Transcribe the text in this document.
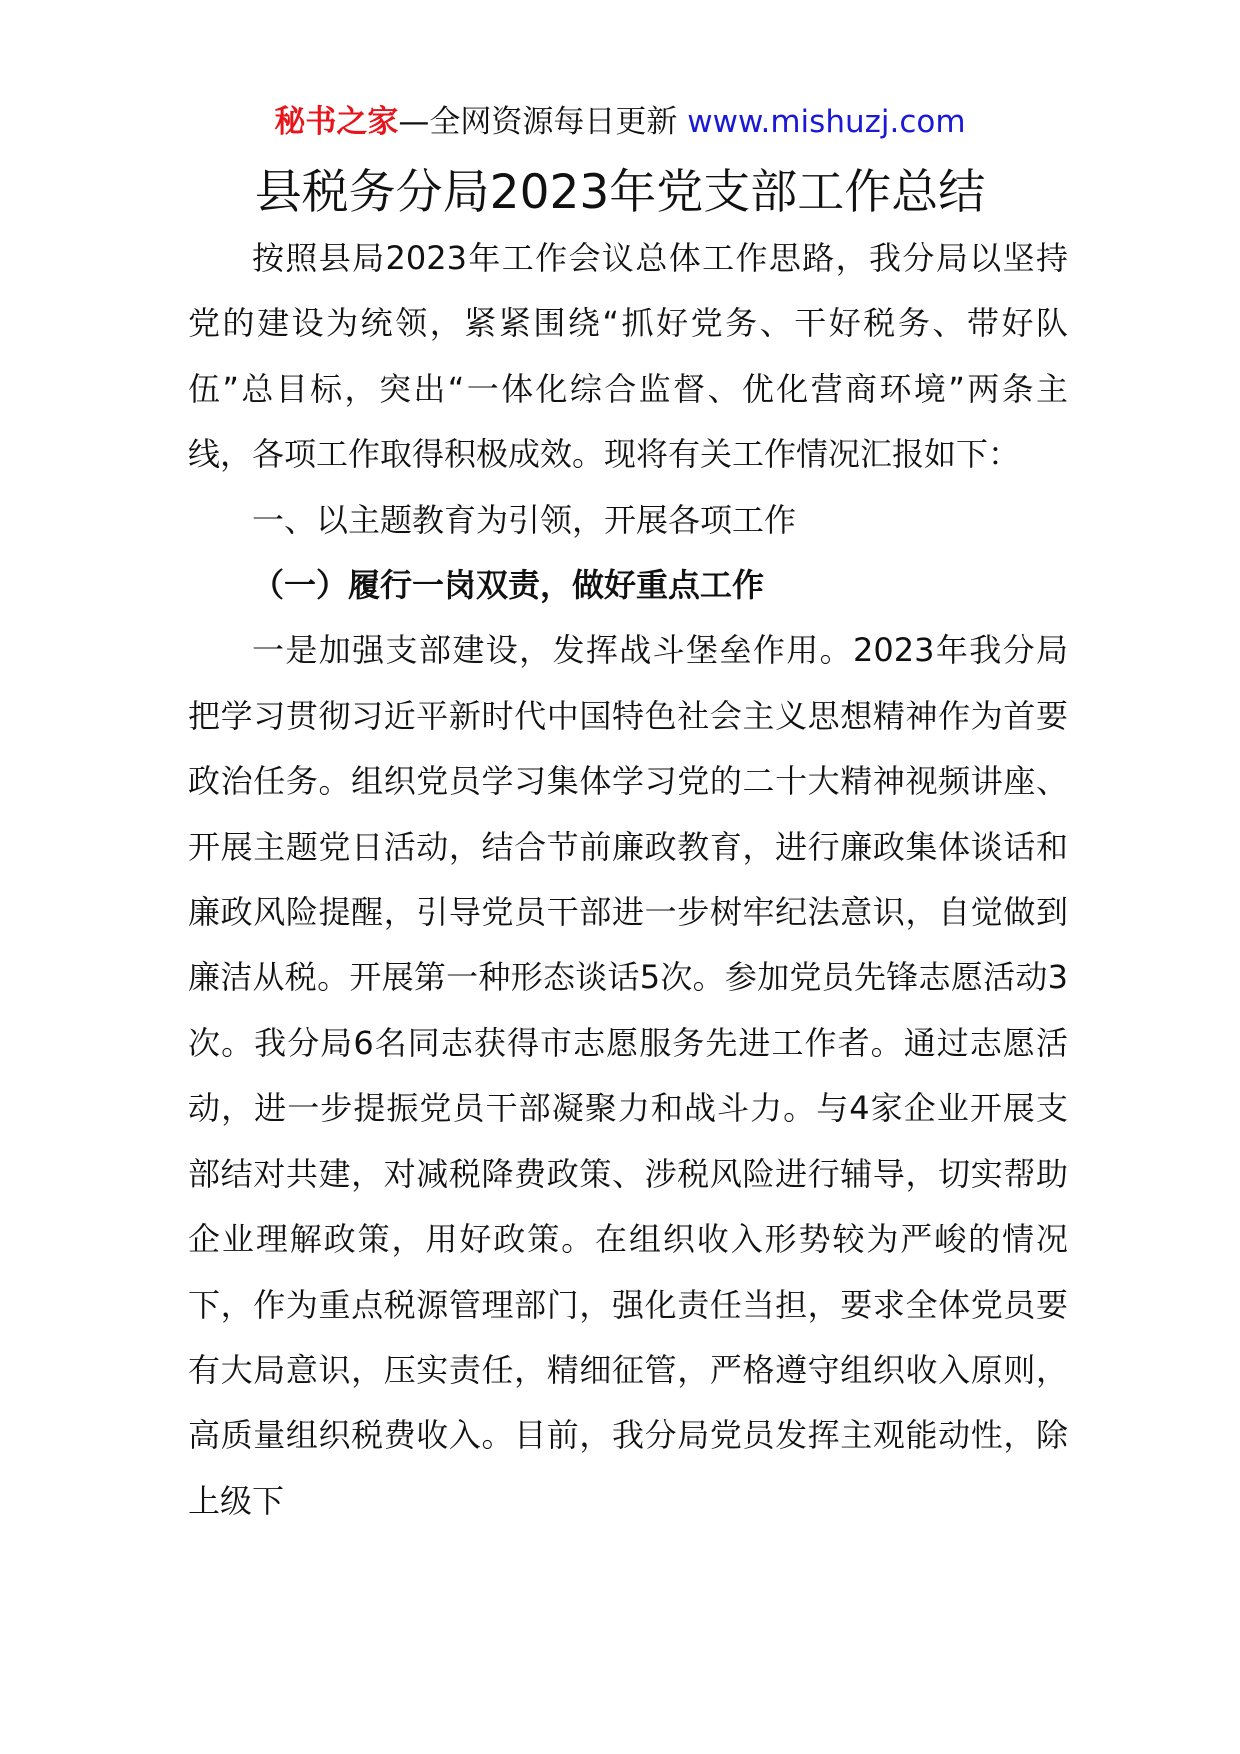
秘书之家—全网资源每日更新 www.mishuzj.com
县税务分局2023年党支部工作总结

按照县局2023年工作会议总体工作思路，我分局以坚持党的建设为统领，紧紧围绕“抓好党务、干好税务、带好队伍”总目标，突出“一体化综合监督、优化营商环境”两条主线，各项工作取得积极成效。现将有关工作情况汇报如下：

一、以主题教育为引领，开展各项工作

（一）履行一岗双责，做好重点工作

一是加强支部建设，发挥战斗堡垒作用。2023年我分局把学习贯彻习近平新时代中国特色社会主义思想精神作为首要政治任务。组织党员学习集体学习党的二十大精神视频讲座、开展主题党日活动，结合节前廉政教育，进行廉政集体谈话和廉政风险提醒，引导党员干部进一步树牢纪法意识，自觉做到廉洁从税。开展第一种形态谈话5次。参加党员先锋志愿活动3次。我分局6名同志获得市志愿服务先进工作者。通过志愿活动，进一步提振党员干部凝聚力和战斗力。与4家企业开展支部结对共建，对减税降费政策、涉税风险进行辅导，切实帮助企业理解政策，用好政策。在组织收入形势较为严峻的情况下，作为重点税源管理部门，强化责任当担，要求全体党员要有大局意识，压实责任，精细征管，严格遵守组织收入原则，高质量组织税费收入。目前，我分局党员发挥主观能动性，除上级下
